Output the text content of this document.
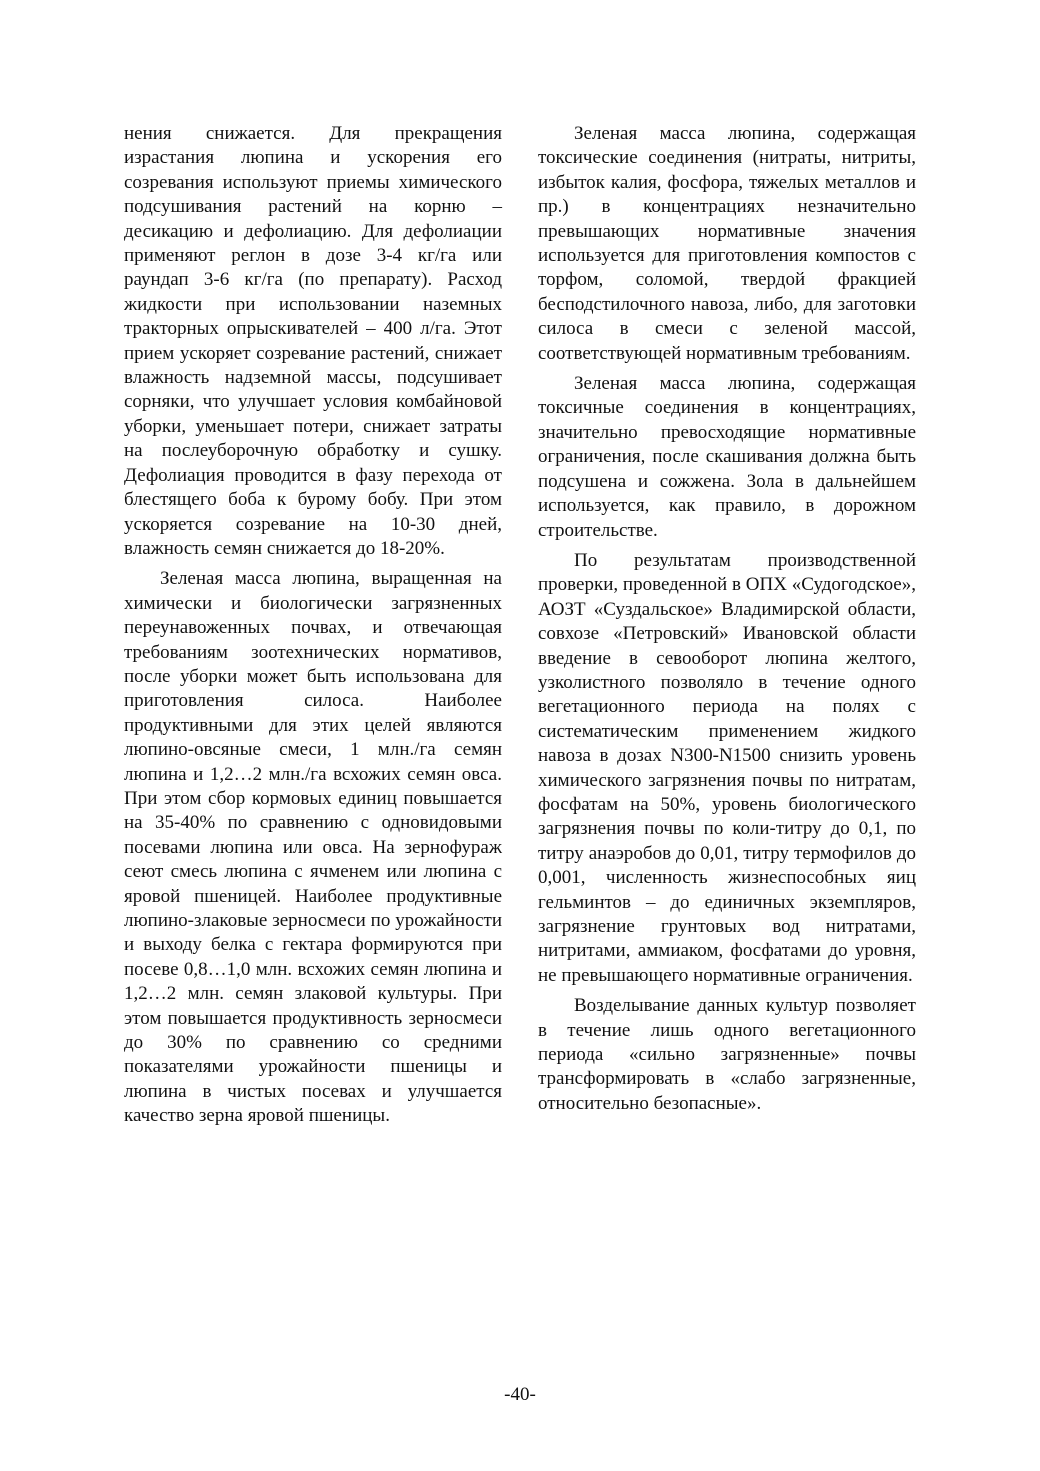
нения снижается. Для прекращения израстания люпина и ускорения его созревания используют приемы химического подсушивания растений на корню – десикацию и дефолиацию. Для дефолиации применяют реглон в дозе 3-4 кг/га или раундап 3-6 кг/га (по препарату). Расход жидкости при использовании наземных тракторных опрыскивателей – 400 л/га. Этот прием ускоряет созревание растений, снижает влажность надземной массы, подсушивает сорняки, что улучшает условия комбайновой уборки, уменьшает потери, снижает затраты на послеуборочную обработку и сушку. Дефолиация проводится в фазу перехода от блестящего боба к бурому бобу. При этом ускоряется созревание на 10-30 дней, влажность семян снижается до 18-20%.

Зеленая масса люпина, выращенная на химически и биологически загрязненных переунавоженных почвах, и отвечающая требованиям зоотехнических нормативов, после уборки может быть использована для приготовления силоса. Наиболее продуктивными для этих целей являются люпино-овсяные смеси, 1 млн./га семян люпина и 1,2…2 млн./га всхожих семян овса. При этом сбор кормовых единиц повышается на 35-40% по сравнению с одновидовыми посевами люпина или овса. На зернофураж сеют смесь люпина с ячменем или люпина с яровой пшеницей. Наиболее продуктивные люпино-злаковые зерносмеси по урожайности и выходу белка с гектара формируются при посеве 0,8…1,0 млн. всхожих семян люпина и 1,2…2 млн. семян злаковой культуры. При этом повышается продуктивность зерносмеси до 30% по сравнению со средними показателями урожайности пшеницы и люпина в чистых посевах и улучшается качество зерна яровой пшеницы.

Зеленая масса люпина, содержащая токсические соединения (нитраты, нитриты, избыток калия, фосфора, тяжелых металлов и пр.) в концентрациях незначительно превышающих нормативные значения используется для приготовления компостов с торфом, соломой, твердой фракцией бесподстилочного навоза, либо, для заготовки силоса в смеси с зеленой массой, соответствующей нормативным требованиям.

Зеленая масса люпина, содержащая токсичные соединения в концентрациях, значительно превосходящие нормативные ограничения, после скашивания должна быть подсушена и сожжена. Зола в дальнейшем используется, как правило, в дорожном строительстве.

По результатам производственной проверки, проведенной в ОПХ «Судогодское», АОЗТ «Суздальское» Владимирской области, совхозе «Петровский» Ивановской области введение в севооборот люпина желтого, узколистного позволяло в течение одного вегетационного периода на полях с систематическим применением жидкого навоза в дозах N300-N1500 снизить уровень химического загрязнения почвы по нитратам, фосфатам на 50%, уровень биологического загрязнения почвы по коли-титру до 0,1, по титру анаэробов до 0,01, титру термофилов до 0,001, численность жизнеспособных яиц гельминтов – до единичных экземпляров, загрязнение грунтовых вод нитратами, нитритами, аммиаком, фосфатами до уровня, не превышающего нормативные ограничения.

Возделывание данных культур позволяет в течение лишь одного вегетационного периода «сильно загрязненные» почвы трансформировать в «слабо загрязненные, относительно безопасные».

-40-
